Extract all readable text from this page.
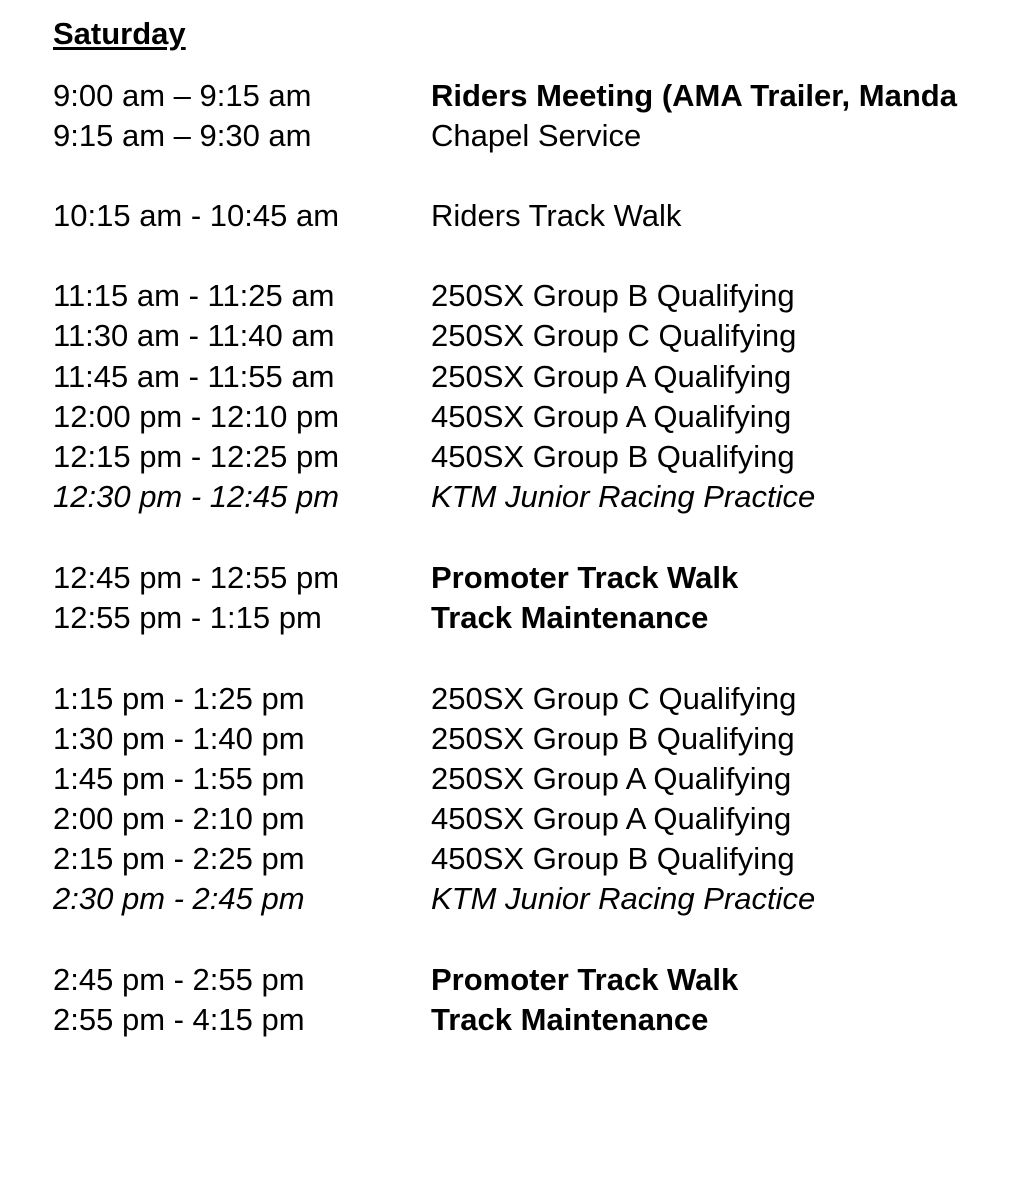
Saturday
9:00 am – 9:15 am	Riders Meeting (AMA Trailer, Manda
9:15 am – 9:30 am	Chapel Service
10:15 am - 10:45 am	Riders Track Walk
11:15 am - 11:25 am	250SX Group B Qualifying
11:30 am - 11:40 am	250SX Group C Qualifying
11:45 am - 11:55 am	250SX Group A Qualifying
12:00 pm - 12:10 pm	450SX Group A Qualifying
12:15 pm - 12:25 pm	450SX Group B Qualifying
12:30 pm - 12:45 pm	KTM Junior Racing Practice
12:45 pm - 12:55 pm	Promoter Track Walk
12:55 pm - 1:15 pm	Track Maintenance
1:15 pm - 1:25 pm	250SX Group C Qualifying
1:30 pm - 1:40 pm	250SX Group B Qualifying
1:45 pm - 1:55 pm	250SX Group A Qualifying
2:00 pm - 2:10 pm	450SX Group A Qualifying
2:15 pm - 2:25 pm	450SX Group B Qualifying
2:30 pm - 2:45 pm	KTM Junior Racing Practice
2:45 pm - 2:55 pm	Promoter Track Walk
2:55 pm - 4:15 pm	Track Maintenance
